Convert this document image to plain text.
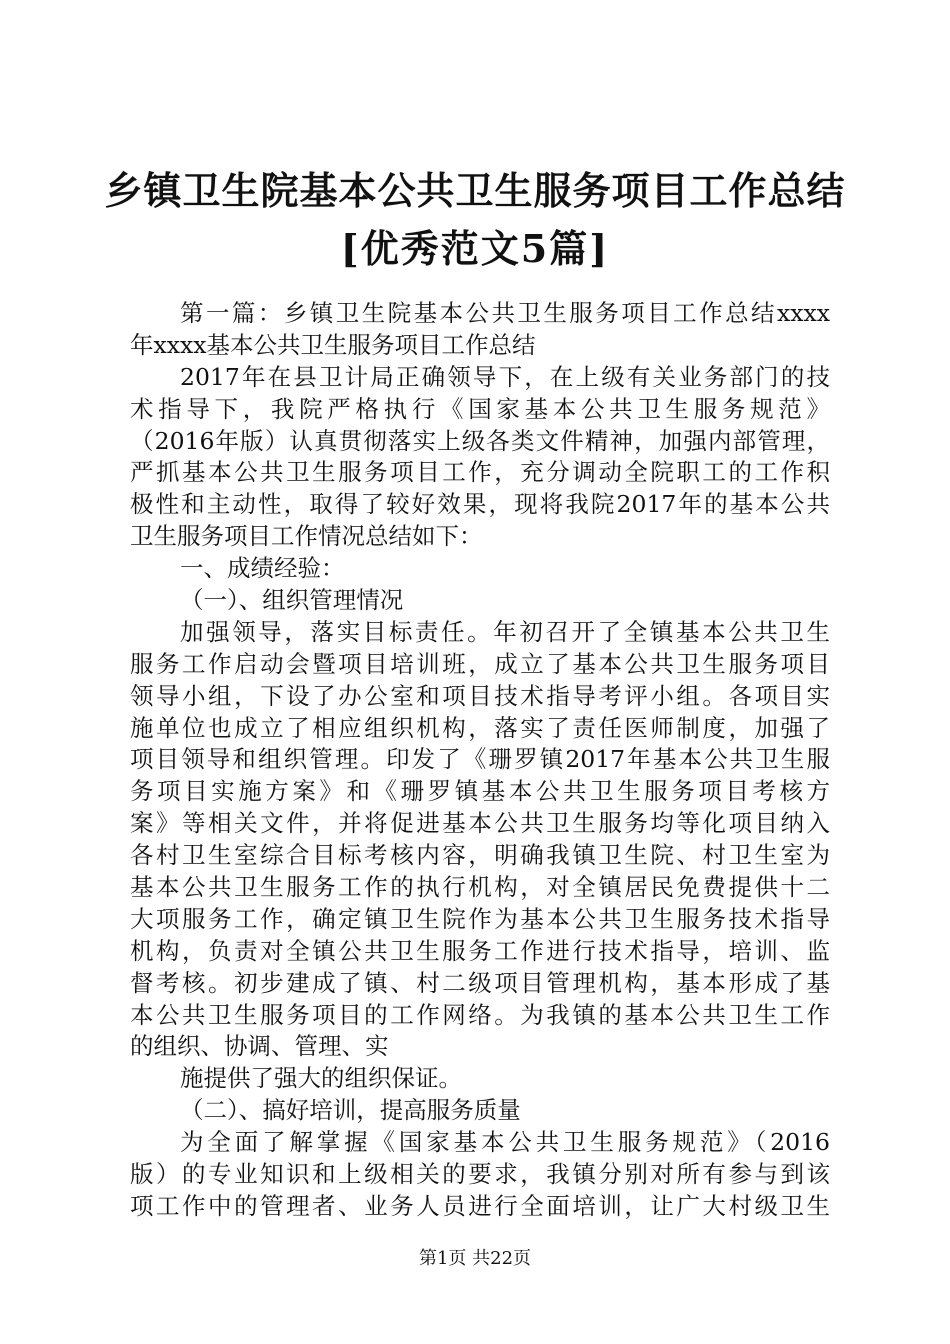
乡镇卫生院基本公共卫生服务项目工作总结
[优秀范文5篇]
第一篇：乡镇卫生院基本公共卫生服务项目工作总结xxxx
年xxxx基本公共卫生服务项目工作总结
2017年在县卫计局正确领导下，在上级有关业务部门的技
术指导下，我院严格执行《国家基本公共卫生服务规范》
（2016年版）认真贯彻落实上级各类文件精神，加强内部管理，
严抓基本公共卫生服务项目工作，充分调动全院职工的工作积
极性和主动性，取得了较好效果，现将我院2017年的基本公共
卫生服务项目工作情况总结如下：
一、成绩经验：
（一）、组织管理情况
加强领导，落实目标责任。年初召开了全镇基本公共卫生
服务工作启动会暨项目培训班，成立了基本公共卫生服务项目
领导小组，下设了办公室和项目技术指导考评小组。各项目实
施单位也成立了相应组织机构，落实了责任医师制度，加强了
项目领导和组织管理。印发了《珊罗镇2017年基本公共卫生服
务项目实施方案》和《珊罗镇基本公共卫生服务项目考核方
案》等相关文件，并将促进基本公共卫生服务均等化项目纳入
各村卫生室综合目标考核内容，明确我镇卫生院、村卫生室为
基本公共卫生服务工作的执行机构，对全镇居民免费提供十二
大项服务工作，确定镇卫生院作为基本公共卫生服务技术指导
机构，负责对全镇公共卫生服务工作进行技术指导，培训、监
督考核。初步建成了镇、村二级项目管理机构，基本形成了基
本公共卫生服务项目的工作网络。为我镇的基本公共卫生工作
的组织、协调、管理、实
施提供了强大的组织保证。
（二）、搞好培训，提高服务质量
为全面了解掌握《国家基本公共卫生服务规范》（2016
版）的专业知识和上级相关的要求，我镇分别对所有参与到该
项工作中的管理者、业务人员进行全面培训，让广大村级卫生
第1页 共22页
